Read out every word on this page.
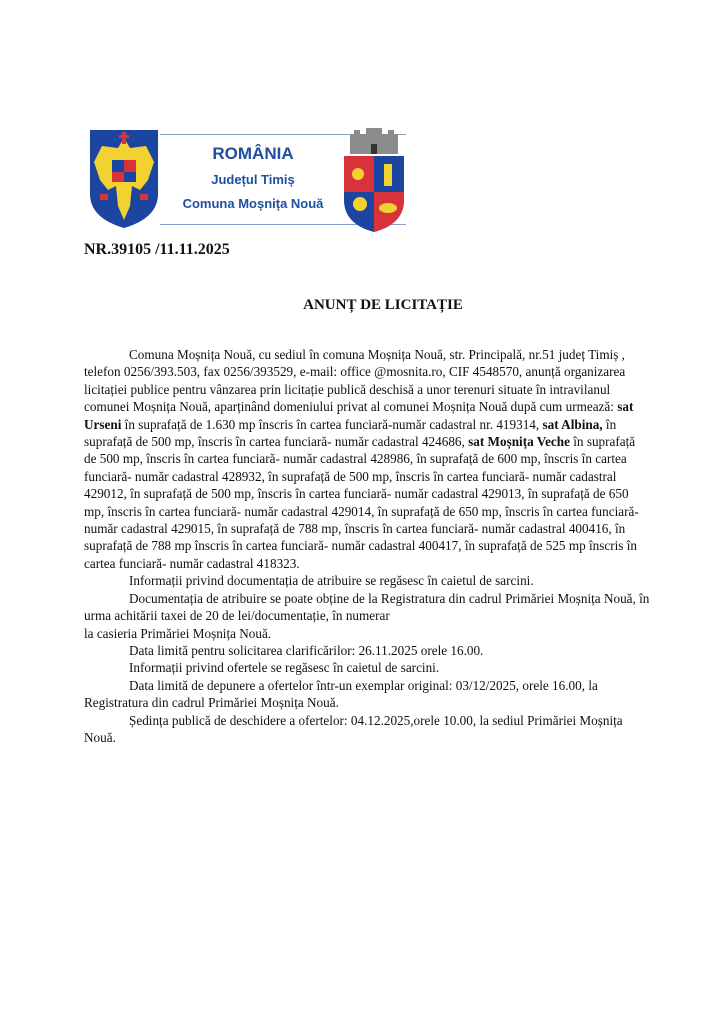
ROMÂNIA
Județul Timiș
Comuna Moșnița Nouă
NR.39105 /11.11.2025
ANUNȚ DE LICITAȚIE

Comuna Moșnița Nouă, cu sediul în comuna Moșnița Nouă, str. Principală, nr.51 județ Timiș , telefon 0256/393.503, fax 0256/393529, e-mail: office @mosnita.ro, CIF 4548570, anunță organizarea licitației publice pentru vânzarea prin licitație publică deschisă a unor terenuri situate în intravilanul comunei Moșnița Nouă, aparținând domeniului privat al comunei Moșnița Nouă după cum urmează: sat Urseni în suprafață de 1.630 mp înscris în cartea funciară-număr cadastral nr. 419314, sat Albina, în suprafață de 500 mp, înscris în cartea funciară- număr cadastral 424686, sat Moșnița Veche în suprafață de 500 mp, înscris în cartea funciară- număr cadastral 428986, în suprafață de 600 mp, înscris în cartea funciară- număr cadastral 428932, în suprafață de 500 mp, înscris în cartea funciară- număr cadastral 429012, în suprafață de 500 mp, înscris în cartea funciară- număr cadastral 429013, în suprafață de 650 mp, înscris în cartea funciară- număr cadastral 429014, în suprafață de 650 mp, înscris în cartea funciară- număr cadastral 429015, în suprafață de 788 mp, înscris în cartea funciară- număr cadastral 400416, în suprafață de 788 mp înscris în cartea funciară- număr cadastral 400417, în suprafață de 525 mp înscris în cartea funciară- număr cadastral 418323.

Informații privind documentația de atribuire se regăsesc în caietul de sarcini.

Documentația de atribuire se poate obține de la Registratura din cadrul Primăriei Moșnița Nouă, în urma achitării taxei de 20 de lei/documentație, în numerar

la casieria Primăriei Moșnița Nouă.

Data limită pentru solicitarea clarificărilor: 26.11.2025 orele 16.00.

Informații privind ofertele se regăsesc în caietul de sarcini.

Data limită de depunere a ofertelor într-un exemplar original: 03/12/2025, orele 16.00, la Registratura din cadrul Primăriei Moșnița Nouă.

Ședința publică de deschidere a ofertelor: 04.12.2025,orele 10.00, la sediul Primăriei Moșnița Nouă.
